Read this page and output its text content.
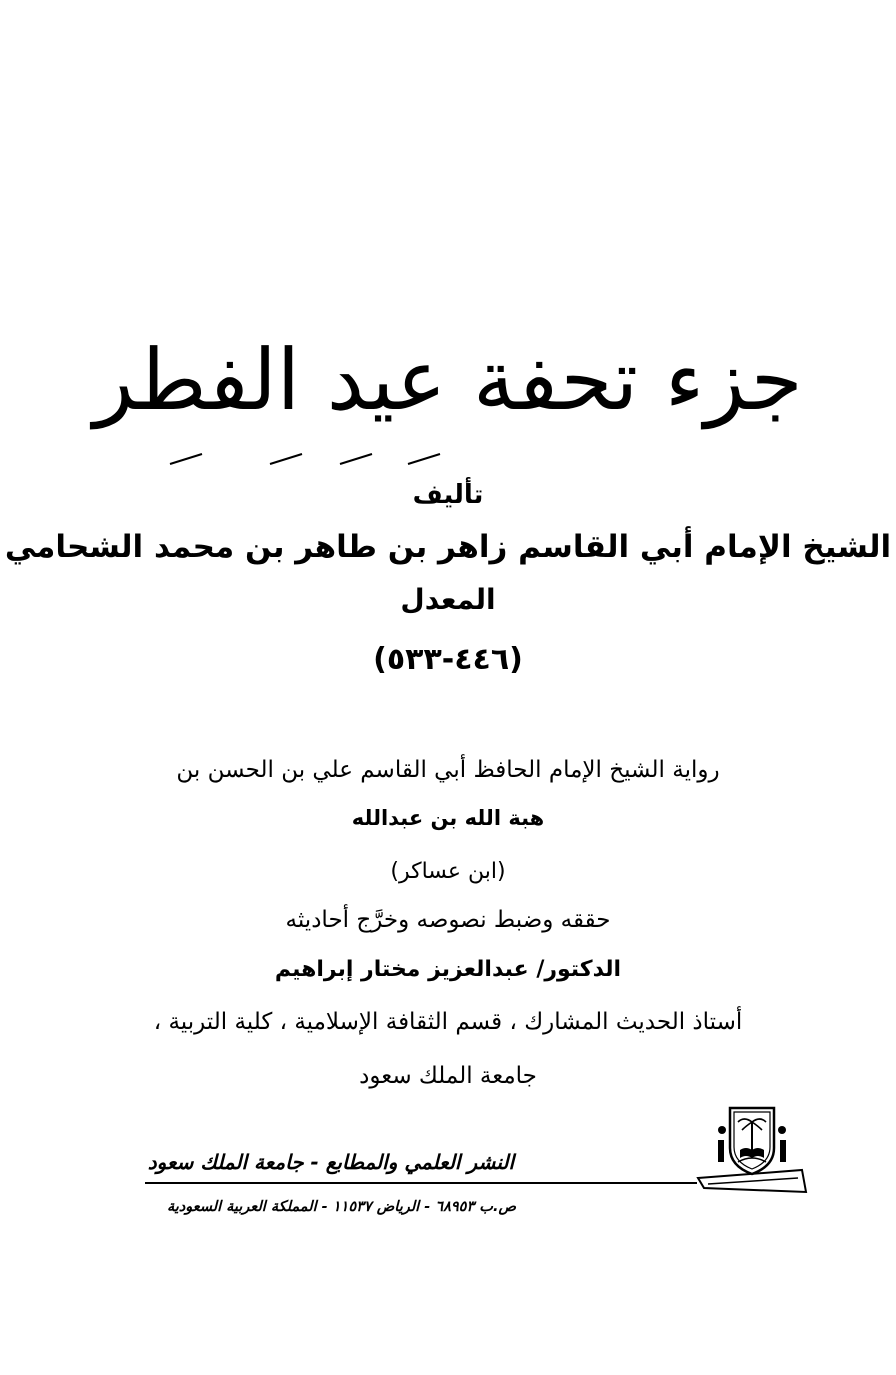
جزء تحفة عيد الفطر
تأليف
الشيخ الإمام أبي القاسم زاهر بن طاهر بن محمد الشحامي
المعدل
(٤٤٦-٥٣٣)
رواية الشيخ الإمام الحافظ أبي القاسم علي بن الحسن بن
هبة الله بن عبدالله
(ابن عساكر)
حققه وضبط نصوصه وخرَّج أحاديثه
الدكتور/ عبدالعزيز مختار إبراهيم
أستاذ الحديث المشارك ، قسم الثقافة الإسلامية ، كلية التربية ،
جامعة الملك سعود
النشر العلمي والمطابع - جامعة الملك سعود
ص.ب ٦٨٩٥٣ - الرياض ١١٥٣٧ - المملكة العربية السعودية
